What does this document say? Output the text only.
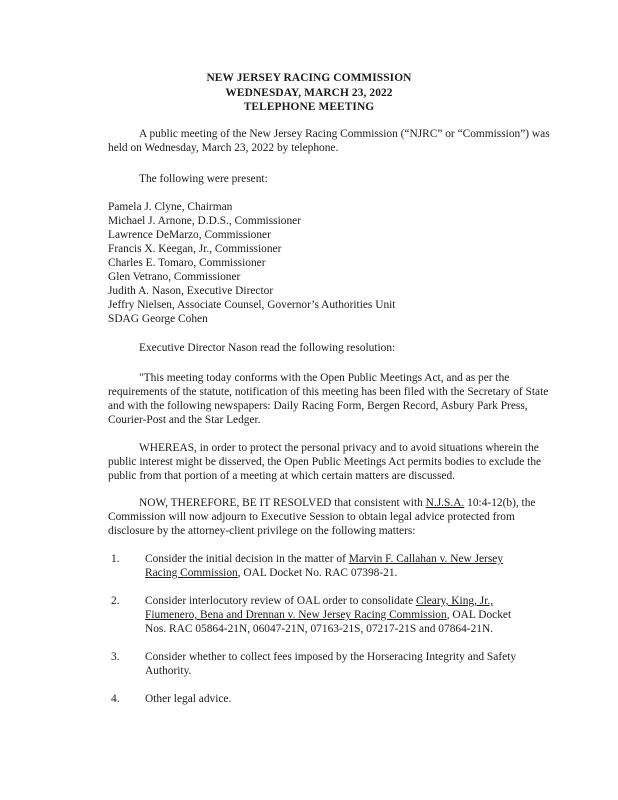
NEW JERSEY RACING COMMISSION
WEDNESDAY, MARCH 23, 2022
TELEPHONE MEETING
A public meeting of the New Jersey Racing Commission (“NJRC” or “Commission”) was
held on Wednesday, March 23, 2022 by telephone.
The following were present:
Pamela J. Clyne, Chairman
Michael J. Arnone, D.D.S., Commissioner
Lawrence DeMarzo, Commissioner
Francis X. Keegan, Jr., Commissioner
Charles E. Tomaro, Commissioner
Glen Vetrano, Commissioner
Judith A. Nason, Executive Director
Jeffry Nielsen, Associate Counsel, Governor’s Authorities Unit
SDAG George Cohen
Executive Director Nason read the following resolution:
"This meeting today conforms with the Open Public Meetings Act, and as per the
requirements of the statute, notification of this meeting has been filed with the Secretary of State
and with the following newspapers: Daily Racing Form, Bergen Record, Asbury Park Press,
Courier-Post and the Star Ledger.
WHEREAS, in order to protect the personal privacy and to avoid situations wherein the
public interest might be disserved, the Open Public Meetings Act permits bodies to exclude the
public from that portion of a meeting at which certain matters are discussed.
NOW, THEREFORE, BE IT RESOLVED that consistent with N.J.S.A. 10:4-12(b), the
Commission will now adjourn to Executive Session to obtain legal advice protected from
disclosure by the attorney-client privilege on the following matters:
1. Consider the initial decision in the matter of Marvin F. Callahan v. New Jersey
Racing Commission, OAL Docket No. RAC 07398-21.
2. Consider interlocutory review of OAL order to consolidate Cleary, King, Jr.,
Fiumenero, Bena and Drennan v. New Jersey Racing Commission, OAL Docket
Nos. RAC 05864-21N, 06047-21N, 07163-21S, 07217-21S and 07864-21N.
3. Consider whether to collect fees imposed by the Horseracing Integrity and Safety
Authority.
4. Other legal advice.
